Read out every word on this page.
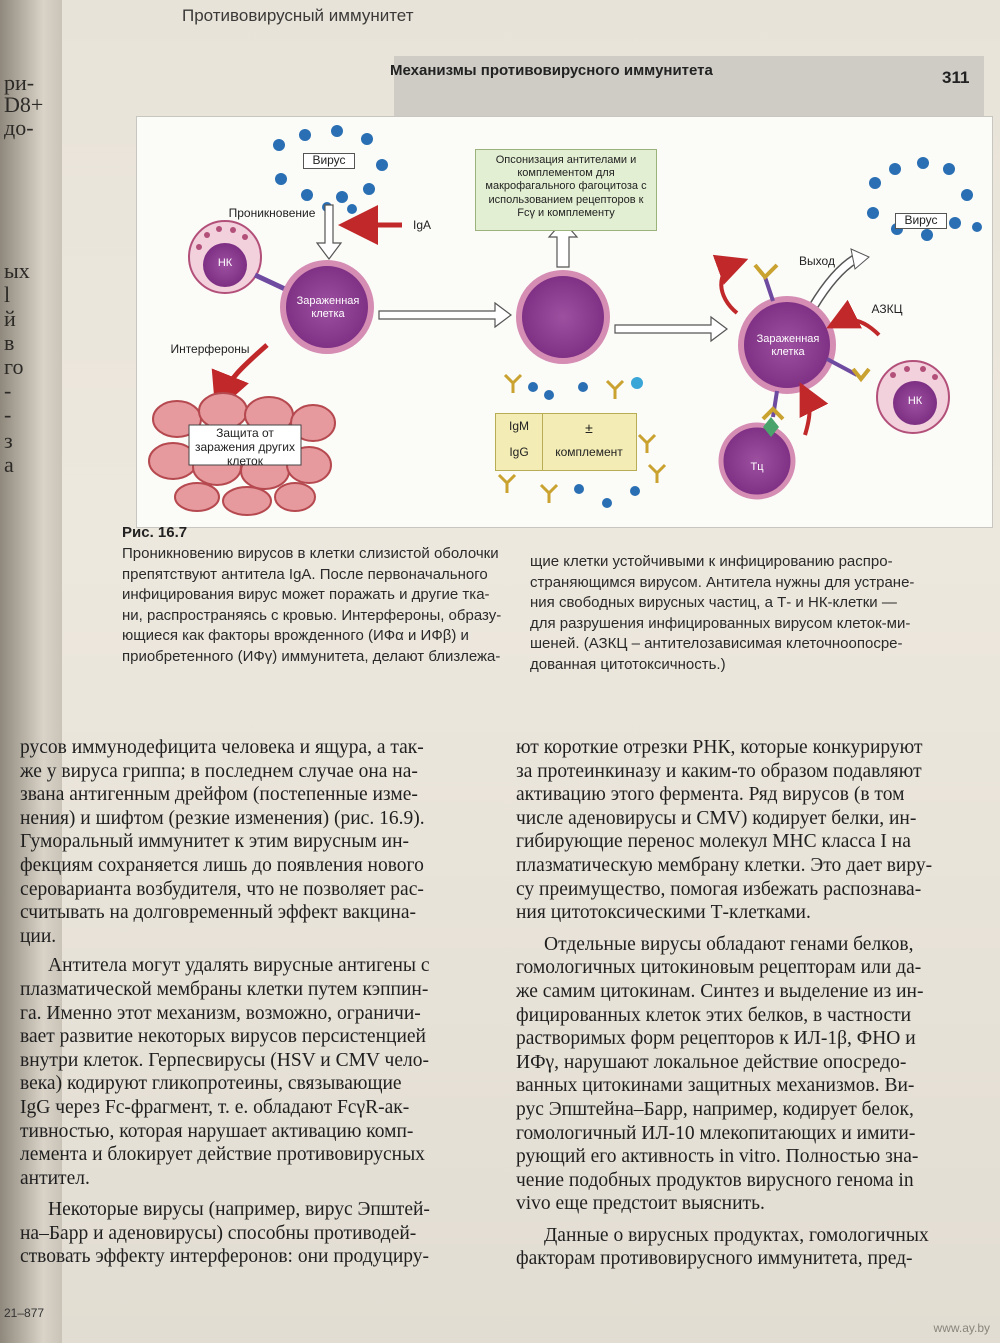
ри-
D8+
до-
ых
l
й
в
го
-
-
з
а
Противовирусный иммунитет
Механизмы противовирусного иммунитета	311
Вирус
Проникновение
IgA
НК
Зараженная клетка
Интерфероны
Защита от заражения других клеток
Опсонизация антителами и комплементом для макрофагального фагоцитоза с использованием рецепторов к Fcγ и комплементу
IgM
IgG
±
комплемент
Вирус
Выход
АЗКЦ
Зараженная клетка
НК
Тц
Рис. 16.7
Проникновению вирусов в клетки слизистой оболочки
препятствуют антитела IgA. После первоначального
инфицирования вирус может поражать и другие тка-
ни, распространяясь с кровью. Интерфероны, образу-
ющиеся как факторы врожденного (ИФα и ИФβ) и
приобретенного (ИФγ) иммунитета, делают близлежа-
щие клетки устойчивыми к инфицированию распро-
страняющимся вирусом. Антитела нужны для устране-
ния свободных вирусных частиц, а Т- и НК-клетки —
для разрушения инфицированных вирусом клеток-ми-
шеней. (АЗКЦ – антителозависимая клеточноопосре-
дованная цитотоксичность.)

русов иммунодефицита человека и ящура, а так-
же у вируса гриппа; в последнем случае она на-
звана антигенным дрейфом (постепенные изме-
нения) и шифтом (резкие изменения) (рис. 16.9).
Гуморальный иммунитет к этим вирусным ин-
фекциям сохраняется лишь до появления нового
сероварианта возбудителя, что не позволяет рас-
считывать на долговременный эффект вакцина-
ции.

Антитела могут удалять вирусные антигены с
плазматической мембраны клетки путем кэппин-
га. Именно этот механизм, возможно, ограничи-
вает развитие некоторых вирусов персистенцией
внутри клеток. Герпесвирусы (HSV и CMV чело-
века) кодируют гликопротеины, связывающие
IgG через Fc-фрагмент, т. е. обладают FcγR-ак-
тивностью, которая нарушает активацию комп-
лемента и блокирует действие противовирусных
антител.

Некоторые вирусы (например, вирус Эпштей-
на–Барр и аденовирусы) способны противодей-
ствовать эффекту интерферонов: они продуциру-

ют короткие отрезки РНК, которые конкурируют
за протеинкиназу и каким-то образом подавляют
активацию этого фермента. Ряд вирусов (в том
числе аденовирусы и CMV) кодирует белки, ин-
гибирующие перенос молекул МНС класса I на
плазматическую мембрану клетки. Это дает виру-
су преимущество, помогая избежать распознава-
ния цитотоксическими Т-клетками.

Отдельные вирусы обладают генами белков,
гомологичных цитокиновым рецепторам или да-
же самим цитокинам. Синтез и выделение из ин-
фицированных клеток этих белков, в частности
растворимых форм рецепторов к ИЛ-1β, ФНО и
ИФγ, нарушают локальное действие опосредо-
ванных цитокинами защитных механизмов. Ви-
рус Эпштейна–Барр, например, кодирует белок,
гомологичный ИЛ-10 млекопитающих и имити-
рующий его активность in vitro. Полностью зна-
чение подобных продуктов вирусного генома in
vivo еще предстоит выяснить.

Данные о вирусных продуктах, гомологичных
факторам противовирусного иммунитета, пред-

21–877
www.ay.by
